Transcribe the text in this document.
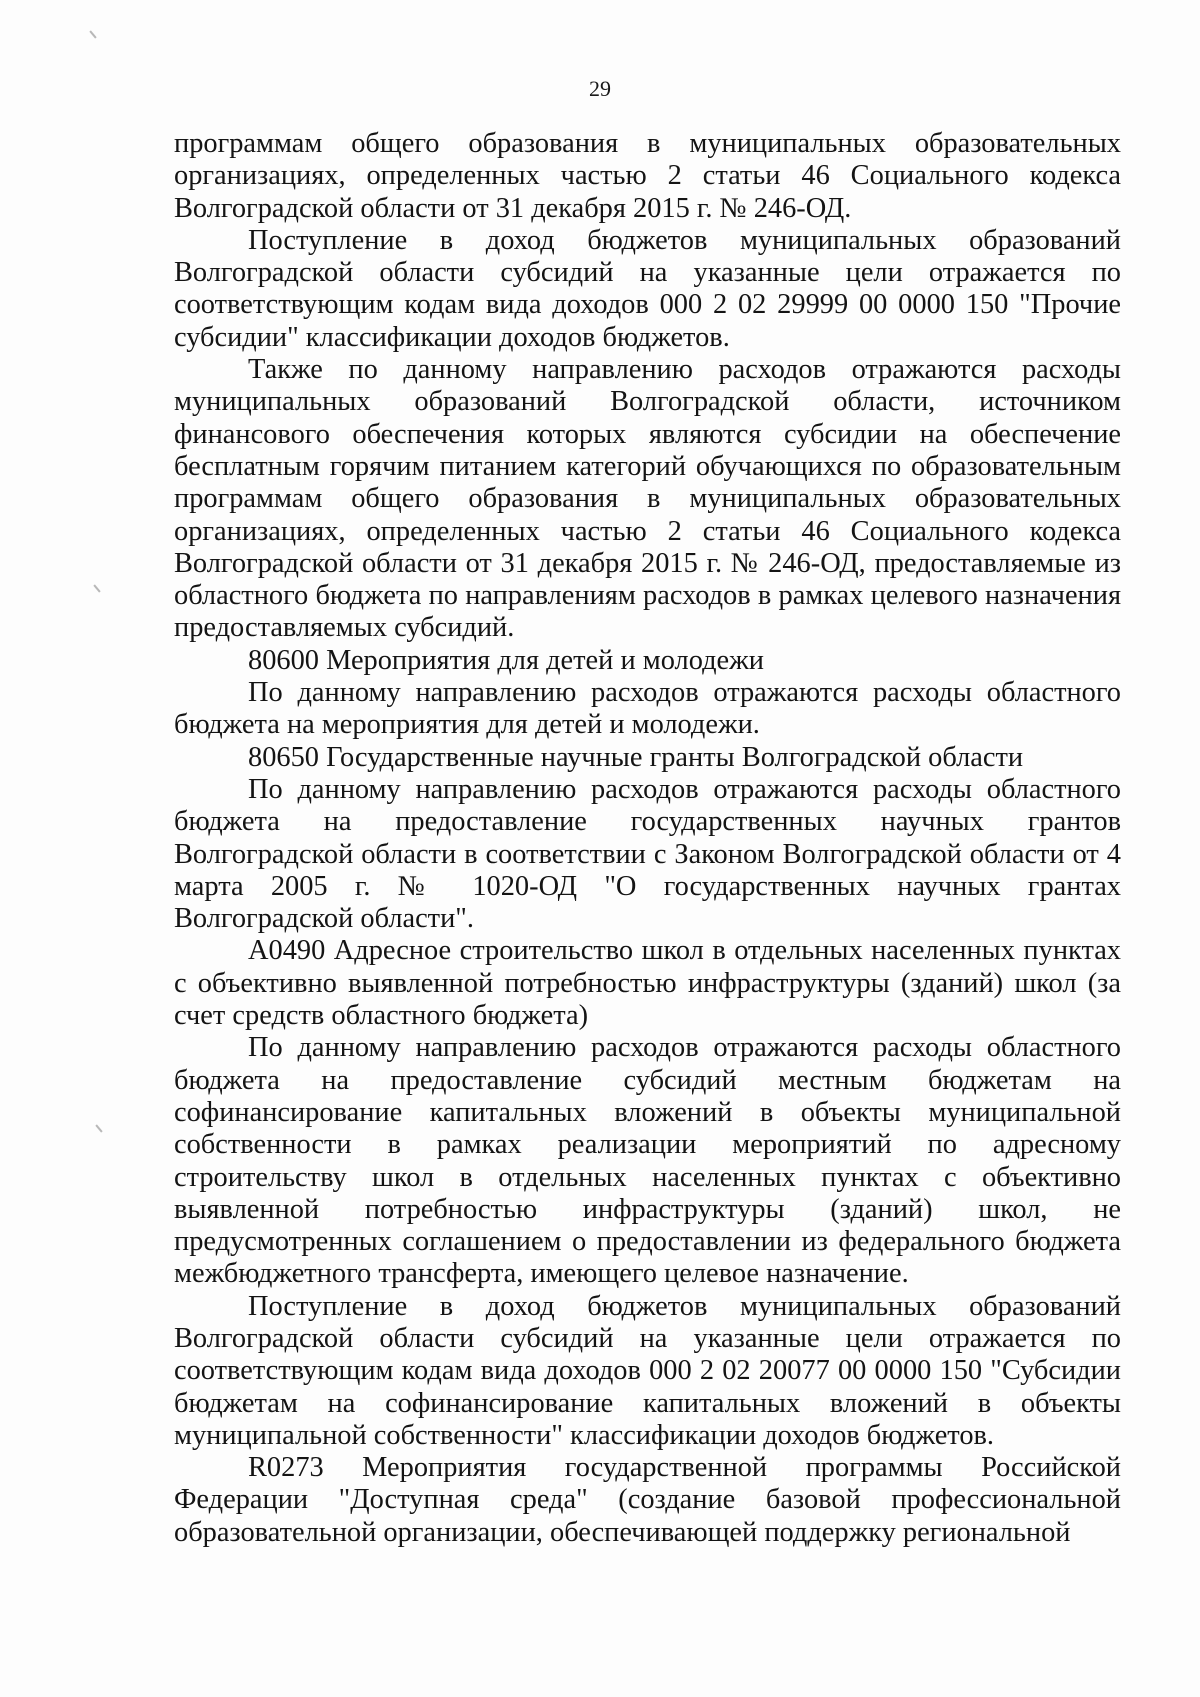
29

программам общего образования в муниципальных образовательных организациях, определенных частью 2 статьи 46 Социального кодекса Волгоградской области от 31 декабря 2015 г. № 246-ОД.

Поступление в доход бюджетов муниципальных образований Волгоградской области субсидий на указанные цели отражается по соответствующим кодам вида доходов 000 2 02 29999 00 0000 150 "Прочие субсидии" классификации доходов бюджетов.

Также по данному направлению расходов отражаются расходы муниципальных образований Волгоградской области, источником финансового обеспечения которых являются субсидии на обеспечение бесплатным горячим питанием категорий обучающихся по образовательным программам общего образования в муниципальных образовательных организациях, определенных частью 2 статьи 46 Социального кодекса Волгоградской области от 31 декабря 2015 г. № 246-ОД, предоставляемые из областного бюджета по направлениям расходов в рамках целевого назначения предоставляемых субсидий.

80600 Мероприятия для детей и молодежи

По данному направлению расходов отражаются расходы областного бюджета на мероприятия для детей и молодежи.

80650 Государственные научные гранты Волгоградской области

По данному направлению расходов отражаются расходы областного бюджета на предоставление государственных научных грантов Волгоградской области в соответствии с Законом Волгоградской области от 4 марта 2005 г. № 1020-ОД "О государственных научных грантах Волгоградской области".

А0490 Адресное строительство школ в отдельных населенных пунктах с объективно выявленной потребностью инфраструктуры (зданий) школ (за счет средств областного бюджета)

По данному направлению расходов отражаются расходы областного бюджета на предоставление субсидий местным бюджетам на софинансирование капитальных вложений в объекты муниципальной собственности в рамках реализации мероприятий по адресному строительству школ в отдельных населенных пунктах с объективно выявленной потребностью инфраструктуры (зданий) школ, не предусмотренных соглашением о предоставлении из федерального бюджета межбюджетного трансферта, имеющего целевое назначение.

Поступление в доход бюджетов муниципальных образований Волгоградской области субсидий на указанные цели отражается по соответствующим кодам вида доходов 000 2 02 20077 00 0000 150 "Субсидии бюджетам на софинансирование капитальных вложений в объекты муниципальной собственности" классификации доходов бюджетов.

R0273 Мероприятия государственной программы Российской Федерации "Доступная среда" (создание базовой профессиональной образовательной организации, обеспечивающей поддержку региональной
